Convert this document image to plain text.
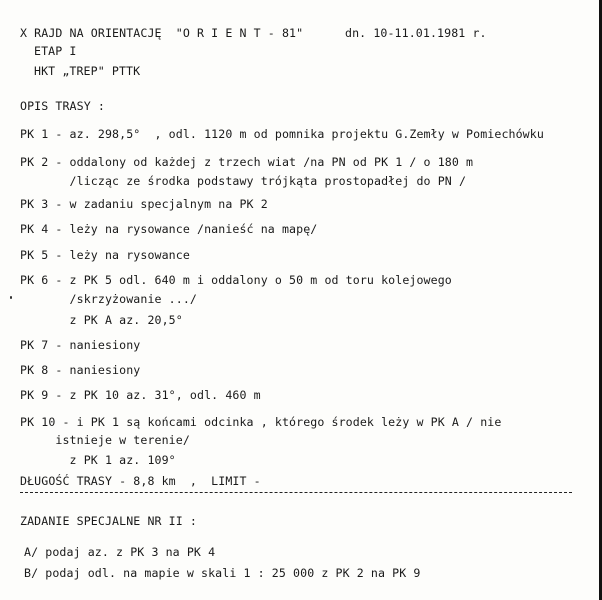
X RAJD NA ORIENTACJĘ  "O R I E N T - 81"	dn. 10-11.01.1981 r.
ETAP I
HKT „TREP" PTTK
OPIS TRASY :
PK 1 - az. 298,5°  , odl. 1120 m od pomnika projektu G.Zemły w Pomiechówku
PK 2 - oddalony od każdej z trzech wiat /na PN od PK 1 / o 180 m
/licząc ze środka podstawy trójkąta prostopadłej do PN /
PK 3 - w zadaniu specjalnym na PK 2
PK 4 - leży na rysowance /nanieść na mapę/
PK 5 - leży na rysowance
PK 6 - z PK 5 odl. 640 m i oddalony o 50 m od toru kolejowego
/skrzyżowanie .../
z PK A az. 20,5°
PK 7 - naniesiony
PK 8 - naniesiony
PK 9 - z PK 10 az. 31°, odl. 460 m
PK 10 - i PK 1 są końcami odcinka , którego środek leży w PK A / nie
istnieje w terenie/
z PK 1 az. 109°
DŁUGOŚĆ TRASY - 8,8 km  ,  LIMIT -
ZADANIE SPECJALNE NR II :
A/ podaj az. z PK 3 na PK 4
B/ podaj odl. na mapie w skali 1 : 25 000 z PK 2 na PK 9
